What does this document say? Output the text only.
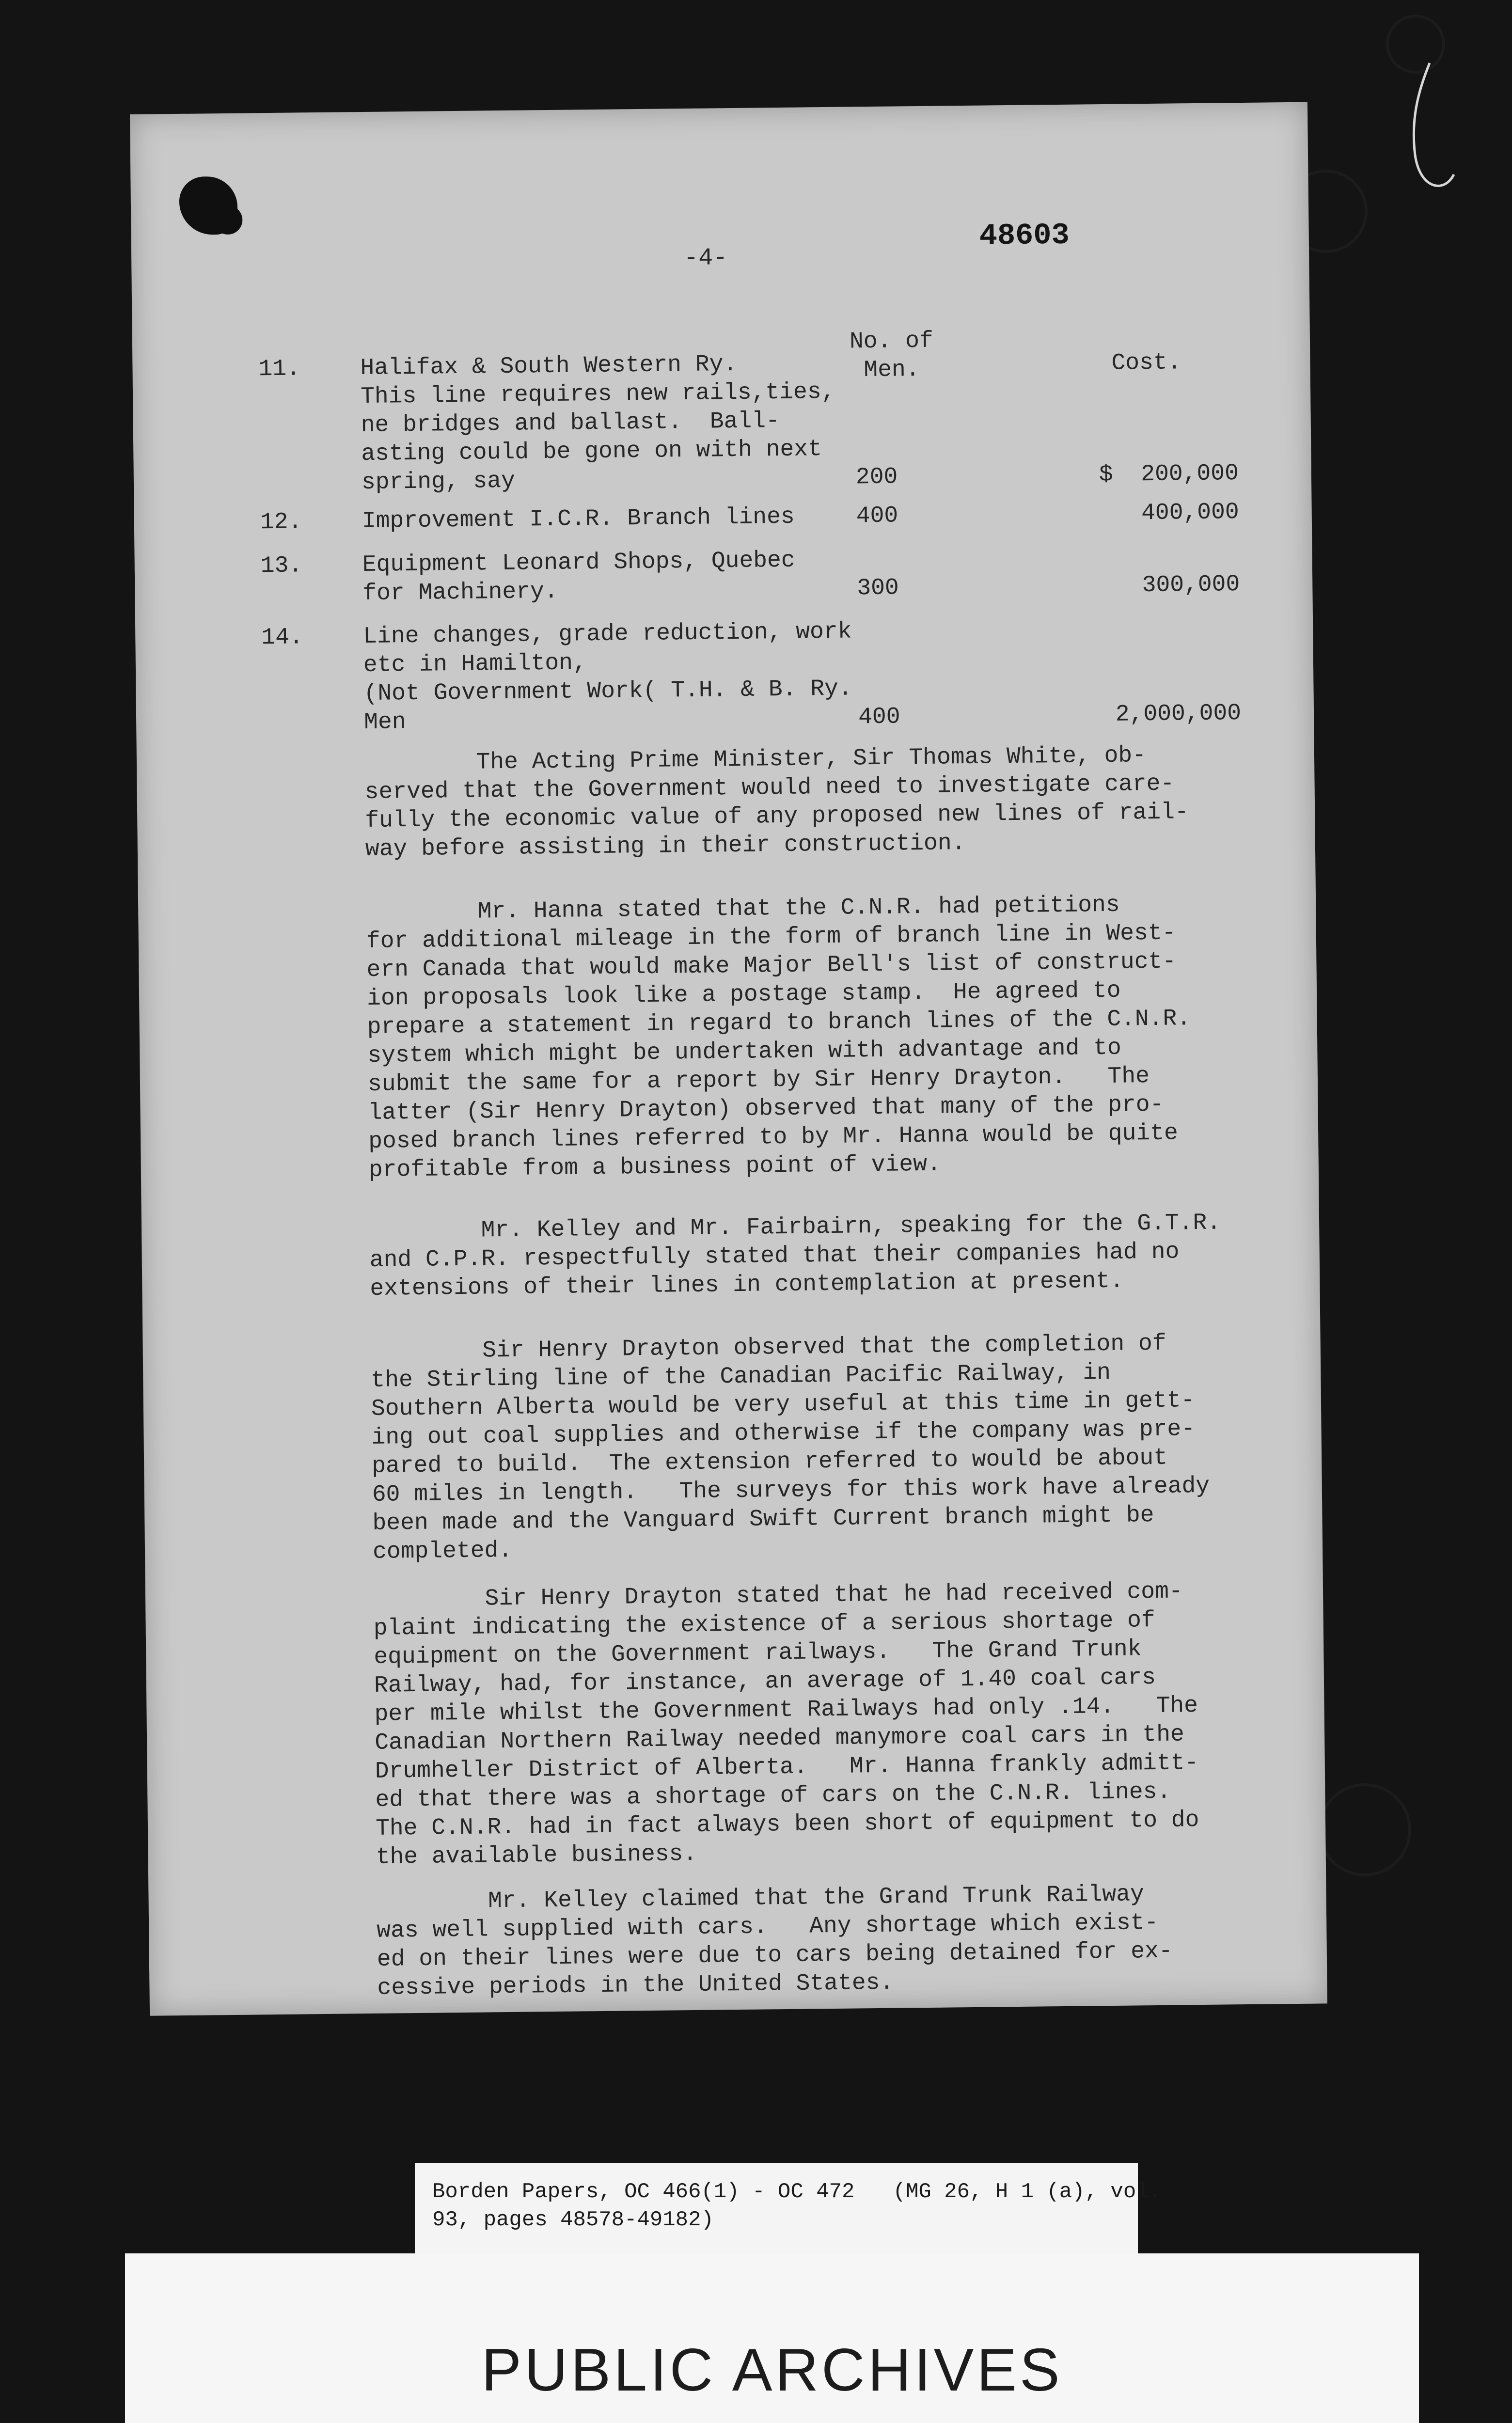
-4-
48603
No. of
Men.	Cost.
11.	Halifax & South Western Ry.
This line requires new rails,ties,
ne bridges and ballast.  Ball-
asting could be gone on with next
spring, say	200	$  200,000
12.	Improvement I.C.R. Branch lines	400	400,000
13.	Equipment Leonard Shops, Quebec
for Machinery.	300	300,000
14.	Line changes, grade reduction, work
etc in Hamilton,
(Not Government Work( T.H. & B. Ry.
Men	400	2,000,000
The Acting Prime Minister, Sir Thomas White, ob-
served that the Government would need to investigate care-
fully the economic value of any proposed new lines of rail-
way before assisting in their construction.
Mr. Hanna stated that the C.N.R. had petitions
for additional mileage in the form of branch line in West-
ern Canada that would make Major Bell's list of construct-
ion proposals look like a postage stamp.  He agreed to
prepare a statement in regard to branch lines of the C.N.R.
system which might be undertaken with advantage and to
submit the same for a report by Sir Henry Drayton.   The
latter (Sir Henry Drayton) observed that many of the pro-
posed branch lines referred to by Mr. Hanna would be quite
profitable from a business point of view.
Mr. Kelley and Mr. Fairbairn, speaking for the G.T.R.
and C.P.R. respectfully stated that their companies had no
extensions of their lines in contemplation at present.
Sir Henry Drayton observed that the completion of
the Stirling line of the Canadian Pacific Railway, in
Southern Alberta would be very useful at this time in gett-
ing out coal supplies and otherwise if the company was pre-
pared to build.  The extension referred to would be about
60 miles in length.   The surveys for this work have already
been made and the Vanguard Swift Current branch might be
completed.
Sir Henry Drayton stated that he had received com-
plaint indicating the existence of a serious shortage of
equipment on the Government railways.   The Grand Trunk
Railway, had, for instance, an average of 1.40 coal cars
per mile whilst the Government Railways had only .14.   The
Canadian Northern Railway needed manymore coal cars in the
Drumheller District of Alberta.   Mr. Hanna frankly admitt-
ed that there was a shortage of cars on the C.N.R. lines.
The C.N.R. had in fact always been short of equipment to do
the available business.
Mr. Kelley claimed that the Grand Trunk Railway
was well supplied with cars.   Any shortage which exist-
ed on their lines were due to cars being detained for ex-
cessive periods in the United States.
Borden Papers, OC 466(1) - OC 472   (MG 26, H 1 (a), vol.
93, pages 48578-49182)
PUBLIC ARCHIVES
